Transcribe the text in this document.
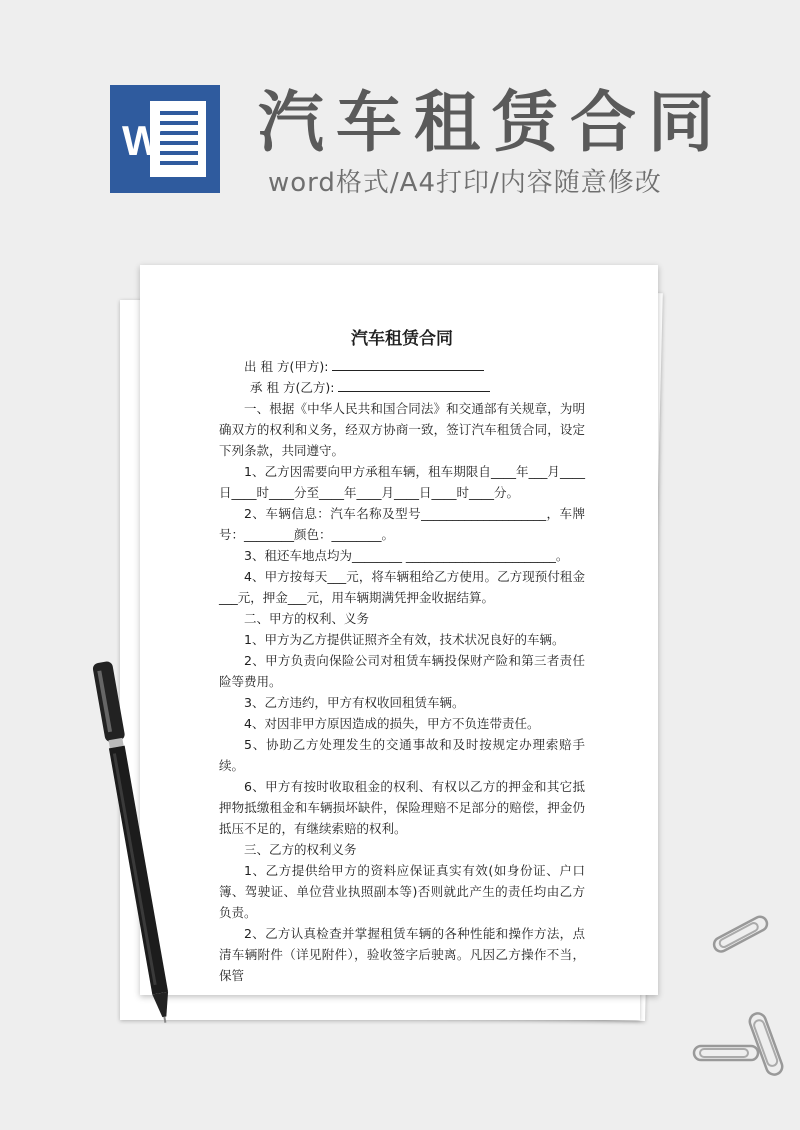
W 汽车租赁合同
word格式/A4打印/内容随意修改
汽车租赁合同
出 租 方(甲方):
承 租 方(乙方):

一、根据《中华人民共和国合同法》和交通部有关规章，为明确双方的权利和义务，经双方协商一致，签订汽车租赁合同，设定下列条款，共同遵守。

1、乙方因需要向甲方承租车辆，租车期限自____年___月____日____时____分至____年____月____日____时____分。

2、车辆信息：汽车名称及型号____________________，车牌号：________颜色：________。

3、租还车地点均为________ ________________________。

4、甲方按每天___元，将车辆租给乙方使用。乙方现预付租金___元，押金___元，用车辆期满凭押金收据结算。

二、甲方的权利、义务

1、甲方为乙方提供证照齐全有效，技术状况良好的车辆。

2、甲方负责向保险公司对租赁车辆投保财产险和第三者责任险等费用。

3、乙方违约，甲方有权收回租赁车辆。

4、对因非甲方原因造成的损失，甲方不负连带责任。

5、协助乙方处理发生的交通事故和及时按规定办理索赔手续。

6、甲方有按时收取租金的权利、有权以乙方的押金和其它抵押物抵缴租金和车辆损坏缺件，保险理赔不足部分的赔偿，押金仍抵压不足的，有继续索赔的权利。

三、乙方的权利义务

1、乙方提供给甲方的资料应保证真实有效(如身份证、户口簿、驾驶证、单位营业执照副本等)否则就此产生的责任均由乙方负责。

2、乙方认真检查并掌握租赁车辆的各种性能和操作方法，点清车辆附件（详见附件），验收签字后驶离。凡因乙方操作不当，保管
